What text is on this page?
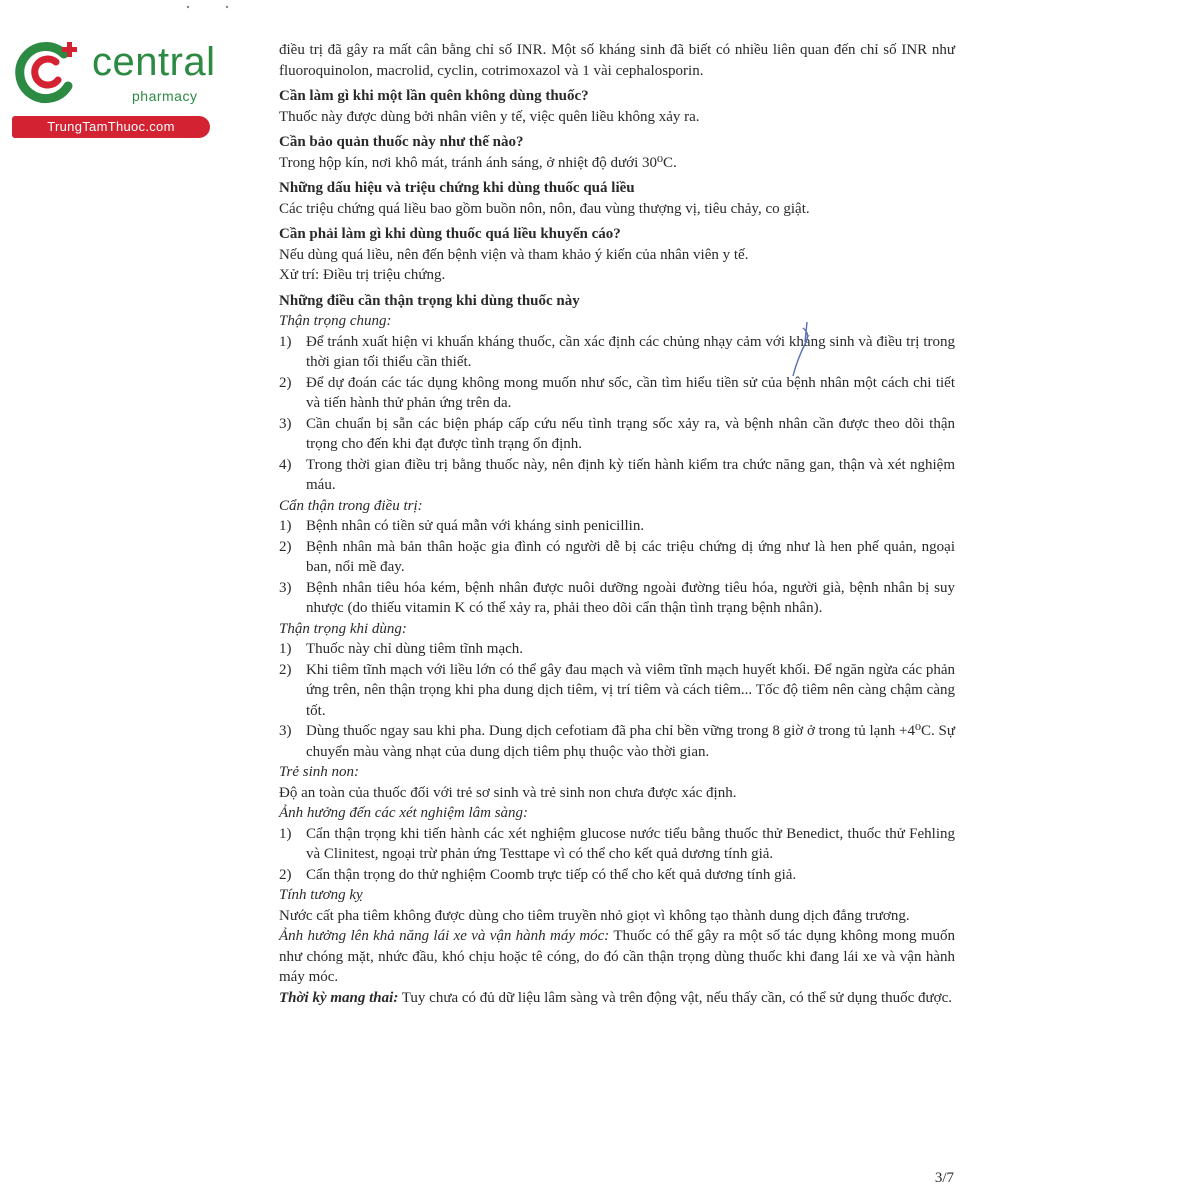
central
pharmacy
TrungTamThuoc.com

điều trị đã gây ra mất cân bằng chỉ số INR. Một số kháng sinh đã biết có nhiều liên quan đến chỉ số INR như fluoroquinolon, macrolid, cyclin, cotrimoxazol và 1 vài cephalosporin.

Cần làm gì khi một lần quên không dùng thuốc?

Thuốc này được dùng bởi nhân viên y tế, việc quên liều không xảy ra.

Cần bảo quản thuốc này như thế nào?

Trong hộp kín, nơi khô mát, tránh ánh sáng, ở nhiệt độ dưới 30⁰C.

Những dấu hiệu và triệu chứng khi dùng thuốc quá liều

Các triệu chứng quá liều bao gồm buồn nôn, nôn, đau vùng thượng vị, tiêu chảy, co giật.

Cần phải làm gì khi dùng thuốc quá liều khuyến cáo?

Nếu dùng quá liều, nên đến bệnh viện và tham khảo ý kiến của nhân viên y tế.

Xử trí: Điều trị triệu chứng.

Những điều cần thận trọng khi dùng thuốc này

Thận trọng chung:

1) Để tránh xuất hiện vi khuẩn kháng thuốc, cần xác định các chủng nhạy cảm với kháng sinh và điều trị trong thời gian tối thiểu cần thiết.
2) Để dự đoán các tác dụng không mong muốn như sốc, cần tìm hiểu tiền sử của bệnh nhân một cách chi tiết và tiến hành thử phản ứng trên da.
3) Cần chuẩn bị sẵn các biện pháp cấp cứu nếu tình trạng sốc xảy ra, và bệnh nhân cần được theo dõi thận trọng cho đến khi đạt được tình trạng ổn định.
4) Trong thời gian điều trị bằng thuốc này, nên định kỳ tiến hành kiểm tra chức năng gan, thận và xét nghiệm máu.

Cẩn thận trong điều trị:

1) Bệnh nhân có tiền sử quá mẫn với kháng sinh penicillin.
2) Bệnh nhân mà bản thân hoặc gia đình có người dễ bị các triệu chứng dị ứng như là hen phế quản, ngoại ban, nổi mề đay.
3) Bệnh nhân tiêu hóa kém, bệnh nhân được nuôi dưỡng ngoài đường tiêu hóa, người già, bệnh nhân bị suy nhược (do thiếu vitamin K có thể xảy ra, phải theo dõi cẩn thận tình trạng bệnh nhân).

Thận trọng khi dùng:

1) Thuốc này chỉ dùng tiêm tĩnh mạch.
2) Khi tiêm tĩnh mạch với liều lớn có thể gây đau mạch và viêm tĩnh mạch huyết khối. Để ngăn ngừa các phản ứng trên, nên thận trọng khi pha dung dịch tiêm, vị trí tiêm và cách tiêm... Tốc độ tiêm nên càng chậm càng tốt.
3) Dùng thuốc ngay sau khi pha. Dung dịch cefotiam đã pha chỉ bền vững trong 8 giờ ở trong tủ lạnh +4⁰C. Sự chuyển màu vàng nhạt của dung dịch tiêm phụ thuộc vào thời gian.

Trẻ sinh non:

Độ an toàn của thuốc đối với trẻ sơ sinh và trẻ sinh non chưa được xác định.

Ảnh hưởng đến các xét nghiệm lâm sàng:

1) Cẩn thận trọng khi tiến hành các xét nghiệm glucose nước tiểu bằng thuốc thử Benedict, thuốc thử Fehling và Clinitest, ngoại trừ phản ứng Testtape vì có thể cho kết quả dương tính giả.
2) Cẩn thận trọng do thử nghiệm Coomb trực tiếp có thể cho kết quả dương tính giả.

Tính tương kỵ

Nước cất pha tiêm không được dùng cho tiêm truyền nhỏ giọt vì không tạo thành dung dịch đẳng trương.

Ảnh hưởng lên khả năng lái xe và vận hành máy móc: Thuốc có thể gây ra một số tác dụng không mong muốn như chóng mặt, nhức đầu, khó chịu hoặc tê cóng, do đó cần thận trọng dùng thuốc khi đang lái xe và vận hành máy móc.

Thời kỳ mang thai: Tuy chưa có đủ dữ liệu lâm sàng và trên động vật, nếu thấy cần, có thể sử dụng thuốc được.

3/7
